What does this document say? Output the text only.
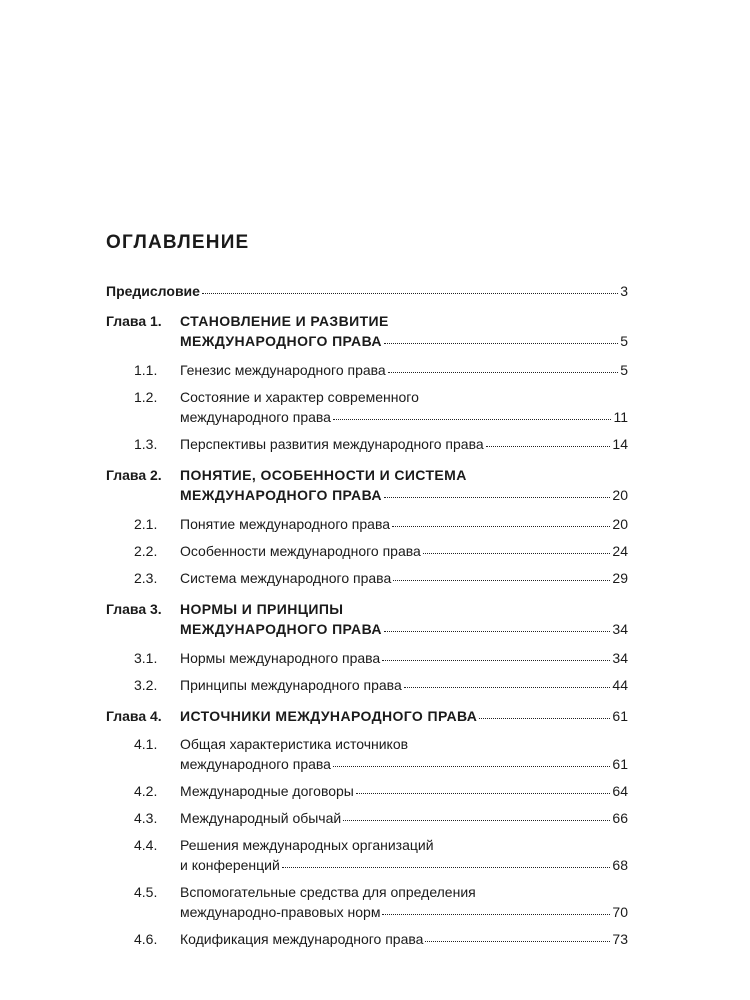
ОГЛАВЛЕНИЕ
Предисловие	3
Глава 1.	СТАНОВЛЕНИЕ И РАЗВИТИЕ
МЕЖДУНАРОДНОГО ПРАВА	5
1.1.	Генезис международного права	5
1.2.	Состояние и характер современного
международного права	11
1.3.	Перспективы развития международного права	14
Глава 2.	ПОНЯТИЕ, ОСОБЕННОСТИ И СИСТЕМА
МЕЖДУНАРОДНОГО ПРАВА	20
2.1.	Понятие международного права	20
2.2.	Особенности международного права	24
2.3.	Система международного права	29
Глава 3.	НОРМЫ И ПРИНЦИПЫ
МЕЖДУНАРОДНОГО ПРАВА	34
3.1.	Нормы международного права	34
3.2.	Принципы международного права	44
Глава 4.	ИСТОЧНИКИ МЕЖДУНАРОДНОГО ПРАВА	61
4.1.	Общая характеристика источников
международного права	61
4.2.	Международные договоры	64
4.3.	Международный обычай	66
4.4.	Решения международных организаций
и конференций	68
4.5.	Вспомогательные средства для определения
международно-правовых норм	70
4.6.	Кодификация международного права	73
